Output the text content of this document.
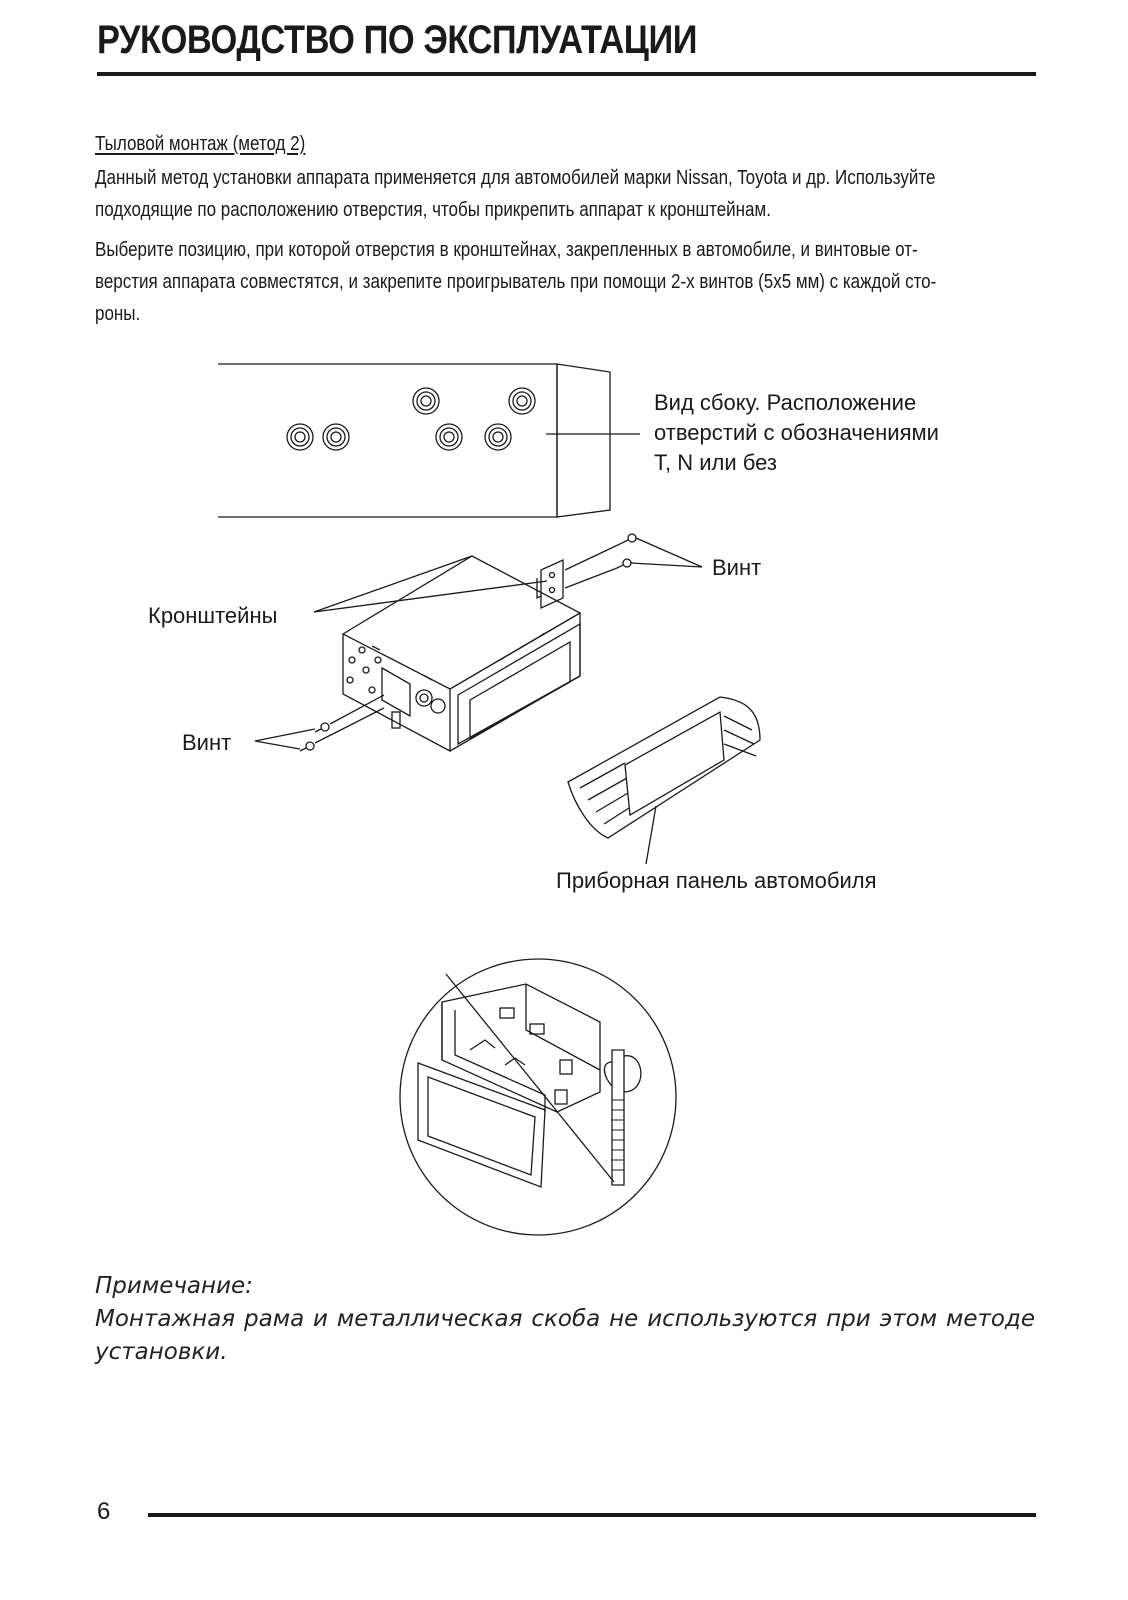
РУКОВОДСТВО ПО ЭКСПЛУАТАЦИИ
Тыловой монтаж (метод 2)
Данный метод установки аппарата применяется для автомобилей марки Nissan, Toyota и др. Используйте
подходящие по расположению отверстия, чтобы прикрепить аппарат к кронштейнам.
Выберите позицию, при которой отверстия в кронштейнах, закрепленных в автомобиле, и винтовые от-
верстия аппарата совместятся, и закрепите проигрыватель при помощи 2-х винтов (5х5 мм) с каждой сто-
роны.
Вид сбоку. Расположение
отверстий с обозначениями
T, N или без
Винт
Кронштейны
Винт
Приборная панель автомобиля
Примечание:
Монтажная рама и металлическая скоба не используются при этом методе установки.
6
